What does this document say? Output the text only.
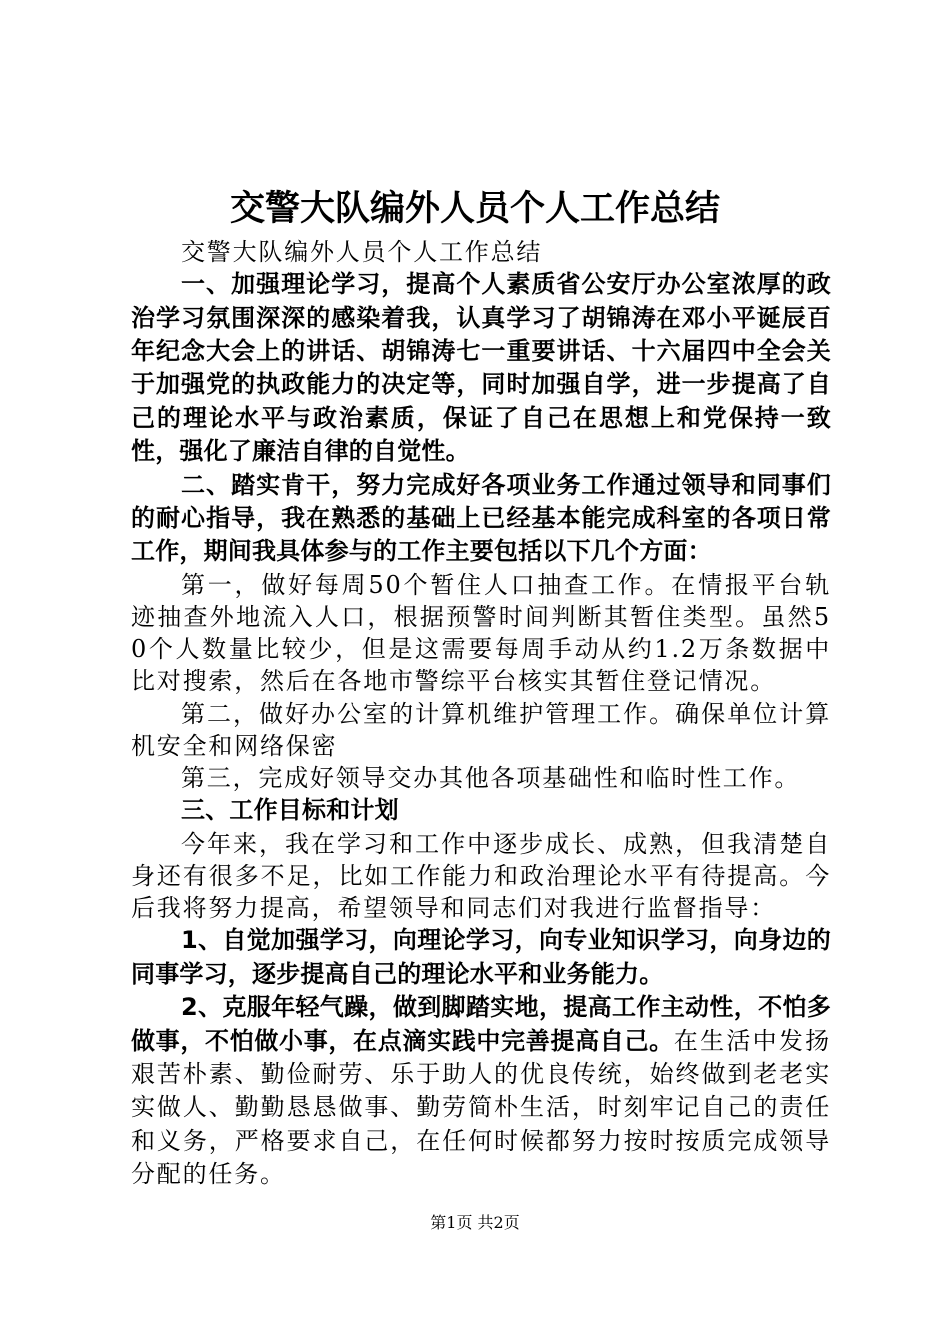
交警大队编外人员个人工作总结

交警大队编外人员个人工作总结

一、加强理论学习，提高个人素质省公安厅办公室浓厚的政治学习氛围深深的感染着我，认真学习了胡锦涛在邓小平诞辰百年纪念大会上的讲话、胡锦涛七一重要讲话、十六届四中全会关于加强党的执政能力的决定等，同时加强自学，进一步提高了自己的理论水平与政治素质，保证了自己在思想上和党保持一致性，强化了廉洁自律的自觉性。

二、踏实肯干，努力完成好各项业务工作通过领导和同事们的耐心指导，我在熟悉的基础上已经基本能完成科室的各项日常工作，期间我具体参与的工作主要包括以下几个方面：

第一，做好每周50个暂住人口抽查工作。在情报平台轨迹抽查外地流入人口，根据预警时间判断其暂住类型。虽然50个人数量比较少，但是这需要每周手动从约1.2万条数据中比对搜索，然后在各地市警综平台核实其暂住登记情况。

第二，做好办公室的计算机维护管理工作。确保单位计算机安全和网络保密

第三，完成好领导交办其他各项基础性和临时性工作。

三、工作目标和计划

今年来，我在学习和工作中逐步成长、成熟，但我清楚自身还有很多不足，比如工作能力和政治理论水平有待提高。今后我将努力提高，希望领导和同志们对我进行监督指导：

1、自觉加强学习，向理论学习，向专业知识学习，向身边的同事学习，逐步提高自己的理论水平和业务能力。

2、克服年轻气躁，做到脚踏实地，提高工作主动性，不怕多做事，不怕做小事，在点滴实践中完善提高自己。在生活中发扬艰苦朴素、勤俭耐劳、乐于助人的优良传统，始终做到老老实实做人、勤勤恳恳做事、勤劳简朴生活，时刻牢记自己的责任和义务，严格要求自己，在任何时候都努力按时按质完成领导分配的任务。

第1页 共2页
